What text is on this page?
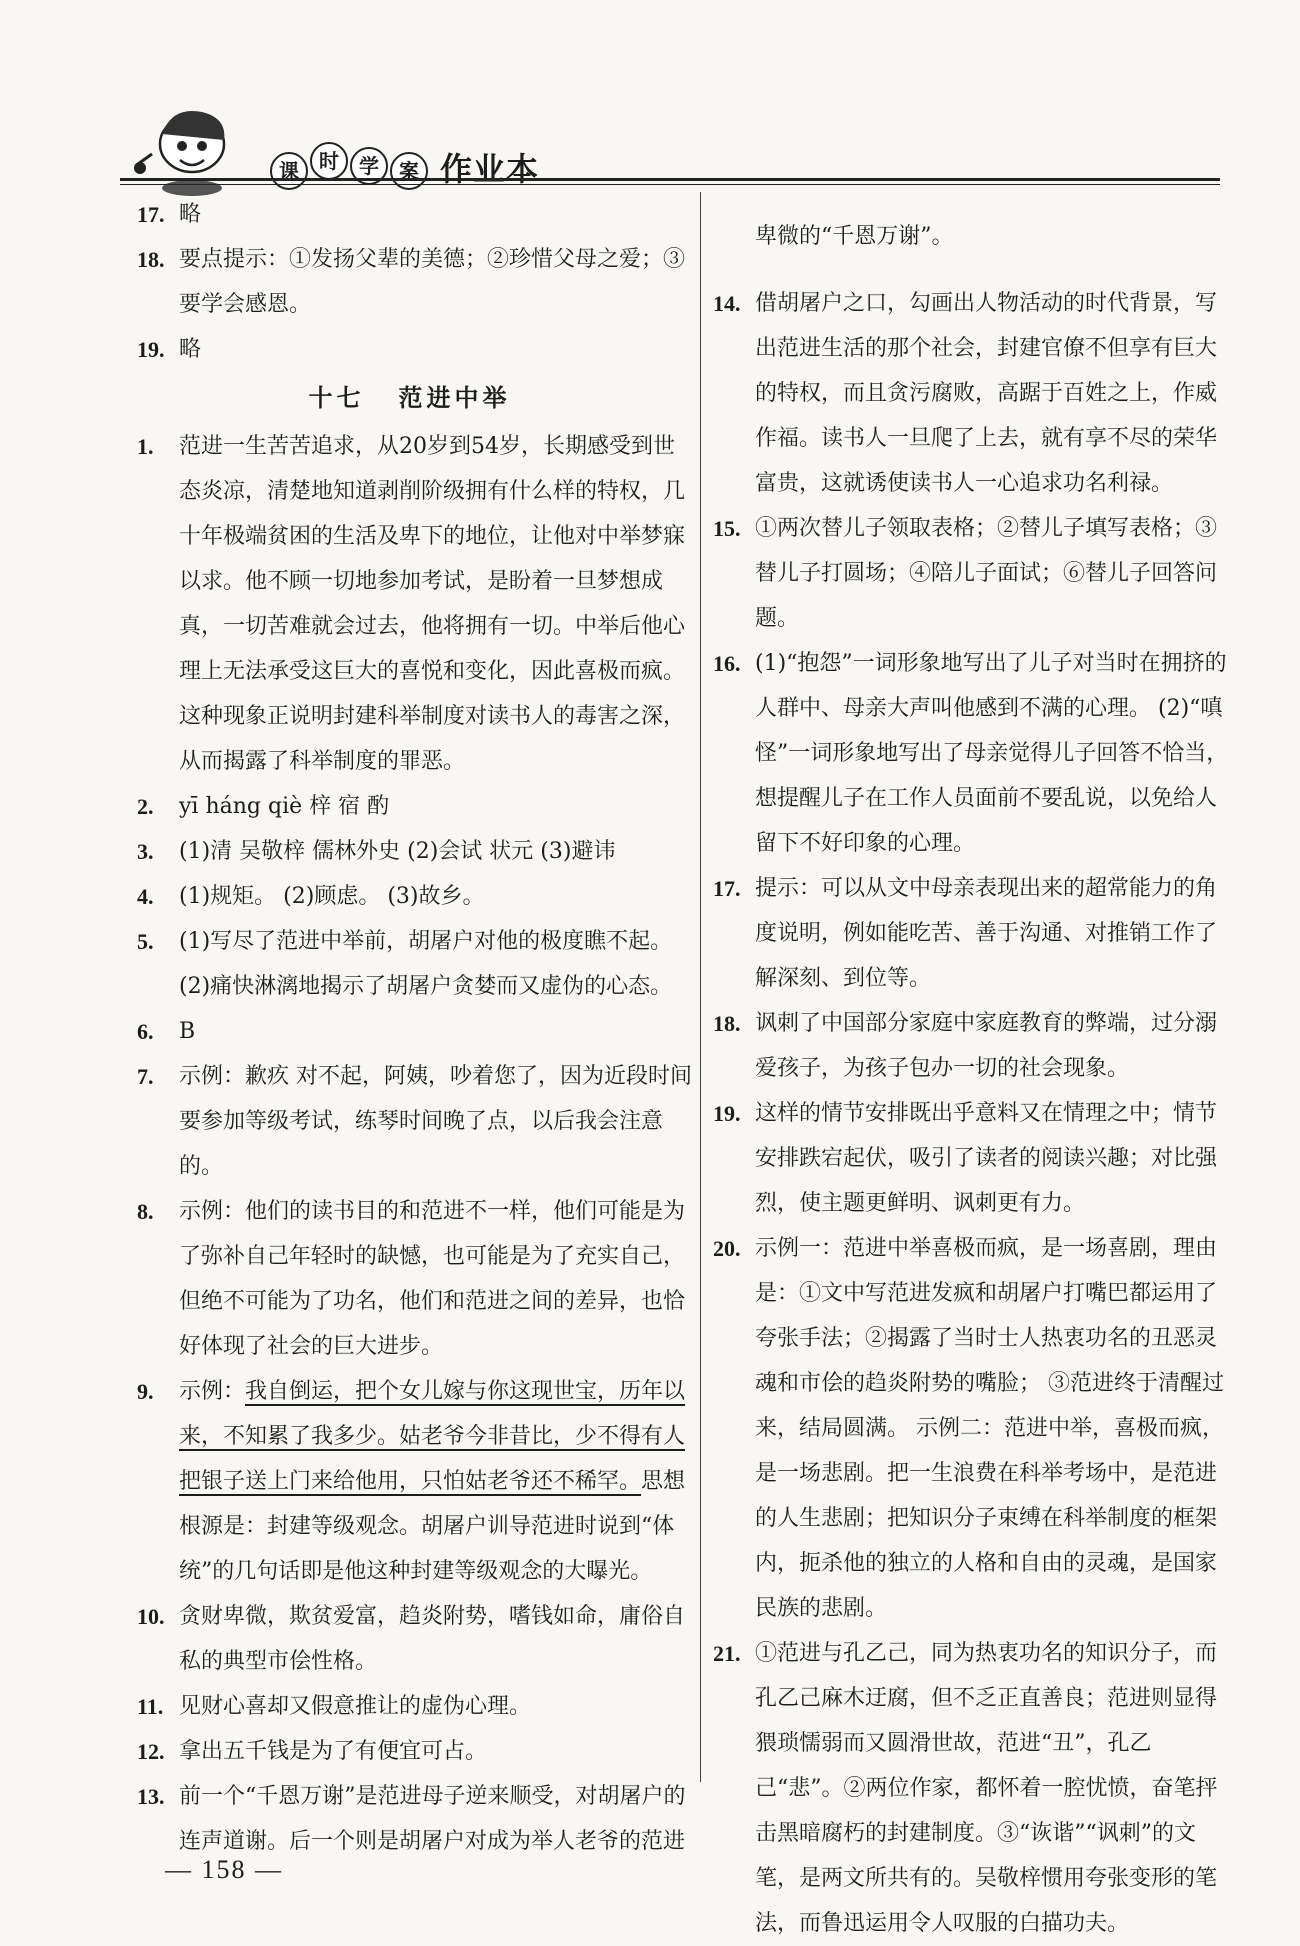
课	时	学	案 作业本

17. 略

18. 要点提示：①发扬父辈的美德；②珍惜父母之爱；③要学会感恩。

19. 略

十七 范进中举

1. 范进一生苦苦追求，从20岁到54岁，长期感受到世态炎凉，清楚地知道剥削阶级拥有什么样的特权，几十年极端贫困的生活及卑下的地位，让他对中举梦寐以求。他不顾一切地参加考试，是盼着一旦梦想成真，一切苦难就会过去，他将拥有一切。中举后他心理上无法承受这巨大的喜悦和变化，因此喜极而疯。这种现象正说明封建科举制度对读书人的毒害之深，从而揭露了科举制度的罪恶。

2. yī háng qiè 梓 宿 酌

3. (1)清 吴敬梓 儒林外史 (2)会试 状元 (3)避讳

4. (1)规矩。 (2)顾虑。 (3)故乡。

5. (1)写尽了范进中举前，胡屠户对他的极度瞧不起。

(2)痛快淋漓地揭示了胡屠户贪婪而又虚伪的心态。

6. B

7. 示例：歉疚 对不起，阿姨，吵着您了，因为近段时间要参加等级考试，练琴时间晚了点，以后我会注意的。

8. 示例：他们的读书目的和范进不一样，他们可能是为了弥补自己年轻时的缺憾，也可能是为了充实自己，但绝不可能为了功名，他们和范进之间的差异，也恰好体现了社会的巨大进步。

9. 示例：我自倒运，把个女儿嫁与你这现世宝，历年以来，不知累了我多少。姑老爷今非昔比，少不得有人把银子送上门来给他用，只怕姑老爷还不稀罕。思想根源是：封建等级观念。胡屠户训导范进时说到“体统”的几句话即是他这种封建等级观念的大曝光。

10. 贪财卑微，欺贫爱富，趋炎附势，嗜钱如命，庸俗自私的典型市侩性格。

11. 见财心喜却又假意推让的虚伪心理。

12. 拿出五千钱是为了有便宜可占。

13. 前一个“千恩万谢”是范进母子逆来顺受，对胡屠户的连声道谢。后一个则是胡屠户对成为举人老爷的范进

卑微的“千恩万谢”。

14. 借胡屠户之口，勾画出人物活动的时代背景，写出范进生活的那个社会，封建官僚不但享有巨大的特权，而且贪污腐败，高踞于百姓之上，作威作福。读书人一旦爬了上去，就有享不尽的荣华富贵，这就诱使读书人一心追求功名利禄。

15. ①两次替儿子领取表格；②替儿子填写表格；③替儿子打圆场；④陪儿子面试；⑥替儿子回答问题。

16. (1)“抱怨”一词形象地写出了儿子对当时在拥挤的人群中、母亲大声叫他感到不满的心理。 (2)“嗔怪”一词形象地写出了母亲觉得儿子回答不恰当，想提醒儿子在工作人员面前不要乱说，以免给人留下不好印象的心理。

17. 提示：可以从文中母亲表现出来的超常能力的角度说明，例如能吃苦、善于沟通、对推销工作了解深刻、到位等。

18. 讽刺了中国部分家庭中家庭教育的弊端，过分溺爱孩子，为孩子包办一切的社会现象。

19. 这样的情节安排既出乎意料又在情理之中；情节安排跌宕起伏，吸引了读者的阅读兴趣；对比强烈，使主题更鲜明、讽刺更有力。

20. 示例一：范进中举喜极而疯，是一场喜剧，理由是：①文中写范进发疯和胡屠户打嘴巴都运用了夸张手法；②揭露了当时士人热衷功名的丑恶灵魂和市侩的趋炎附势的嘴脸； ③范进终于清醒过来，结局圆满。 示例二：范进中举，喜极而疯，是一场悲剧。把一生浪费在科举考场中，是范进的人生悲剧；把知识分子束缚在科举制度的框架内，扼杀他的独立的人格和自由的灵魂，是国家民族的悲剧。

21. ①范进与孔乙己，同为热衷功名的知识分子，而孔乙己麻木迂腐，但不乏正直善良；范进则显得猥琐懦弱而又圆滑世故，范进“丑”，孔乙己“悲”。②两位作家，都怀着一腔忧愤，奋笔抨击黑暗腐朽的封建制度。③“诙谐”“讽刺”的文笔，是两文所共有的。吴敬梓惯用夸张变形的笔法，而鲁迅运用令人叹服的白描功夫。

— 158 —
